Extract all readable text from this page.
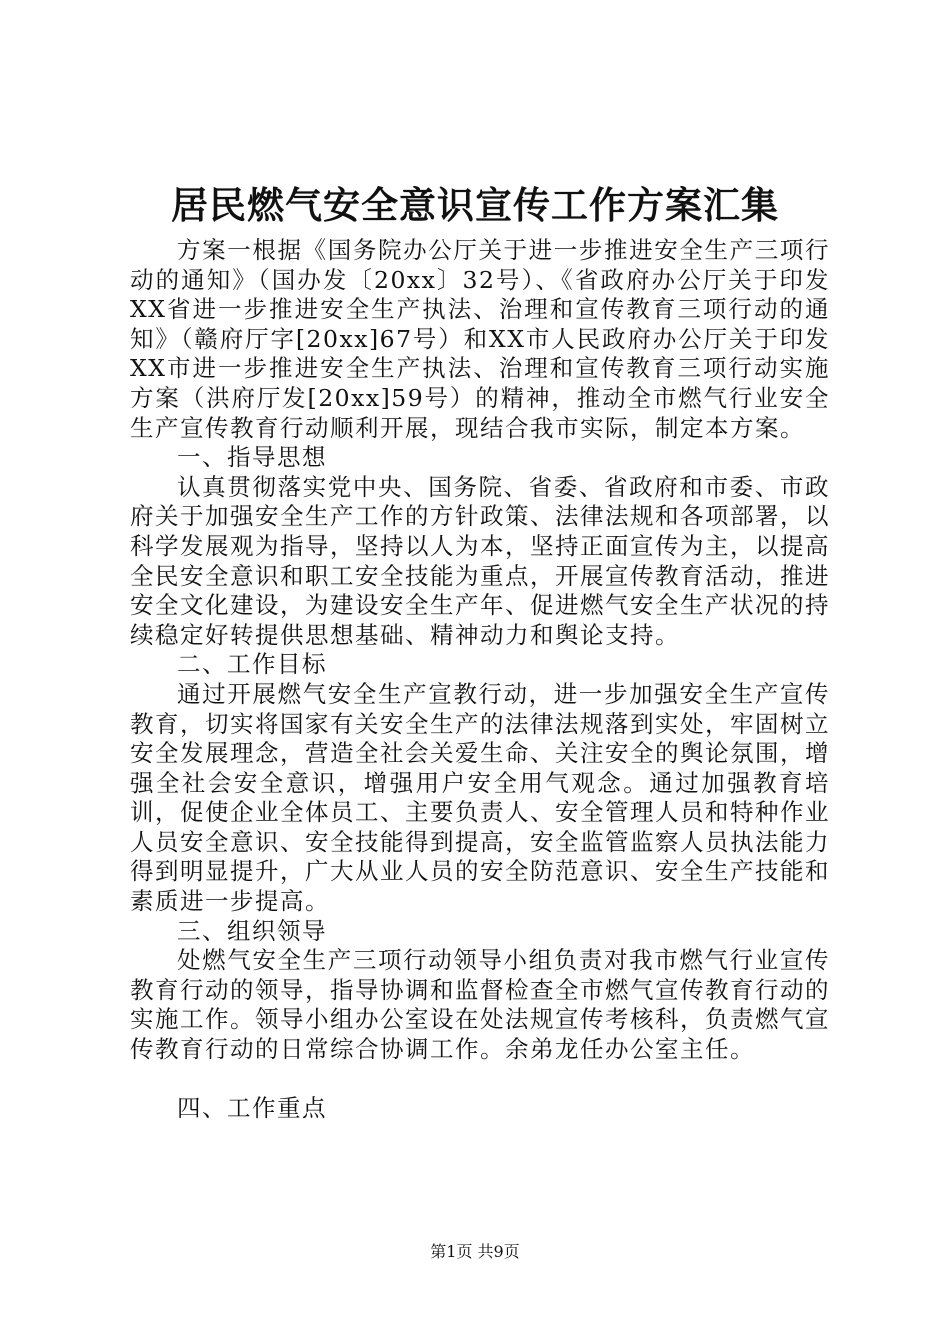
居民燃气安全意识宣传工作方案汇集

方案一根据《国务院办公厅关于进一步推进安全生产三项行动的通知》（国办发〔20xx〕32号）、《省政府办公厅关于印发XX省进一步推进安全生产执法、治理和宣传教育三项行动的通知》（赣府厅字[20xx]67号）和XX市人民政府办公厅关于印发XX市进一步推进安全生产执法、治理和宣传教育三项行动实施方案（洪府厅发[20xx]59号）的精神，推动全市燃气行业安全生产宣传教育行动顺利开展，现结合我市实际，制定本方案。

一、指导思想

认真贯彻落实党中央、国务院、省委、省政府和市委、市政府关于加强安全生产工作的方针政策、法律法规和各项部署，以科学发展观为指导，坚持以人为本，坚持正面宣传为主，以提高全民安全意识和职工安全技能为重点，开展宣传教育活动，推进安全文化建设，为建设安全生产年、促进燃气安全生产状况的持续稳定好转提供思想基础、精神动力和舆论支持。

二、工作目标

通过开展燃气安全生产宣教行动，进一步加强安全生产宣传教育，切实将国家有关安全生产的法律法规落到实处，牢固树立安全发展理念，营造全社会关爱生命、关注安全的舆论氛围，增强全社会安全意识，增强用户安全用气观念。通过加强教育培训，促使企业全体员工、主要负责人、安全管理人员和特种作业人员安全意识、安全技能得到提高，安全监管监察人员执法能力得到明显提升，广大从业人员的安全防范意识、安全生产技能和素质进一步提高。

三、组织领导

处燃气安全生产三项行动领导小组负责对我市燃气行业宣传教育行动的领导，指导协调和监督检查全市燃气宣传教育行动的实施工作。领导小组办公室设在处法规宣传考核科，负责燃气宣传教育行动的日常综合协调工作。余弟龙任办公室主任。

四、工作重点

第1页 共9页
